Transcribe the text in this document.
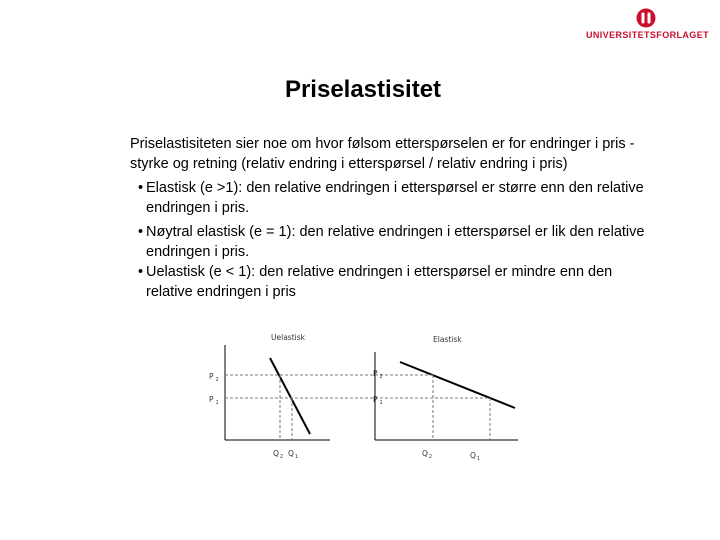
UNIVERSITETSFORLAGET
Priselastisitet

Priselastisiteten sier noe om hvor følsom etterspørselen er for endringer i pris - styrke og retning (relativ endring i etterspørsel / relativ endring i pris)

• Elastisk (e >1): den relative endringen i etterspørsel er større enn den relative endringen i pris.
• Nøytral elastisk (e = 1): den relative endringen i etterspørsel er lik den relative endringen i pris.
• Uelastisk (e < 1): den relative endringen i etterspørsel er mindre enn den relative endringen i pris
Uelastisk
P $_2$
P $_1$
$Q_2$ $Q_1$
Elastisk
P $_2$
P $_1$
$Q_2$	$Q_1$
